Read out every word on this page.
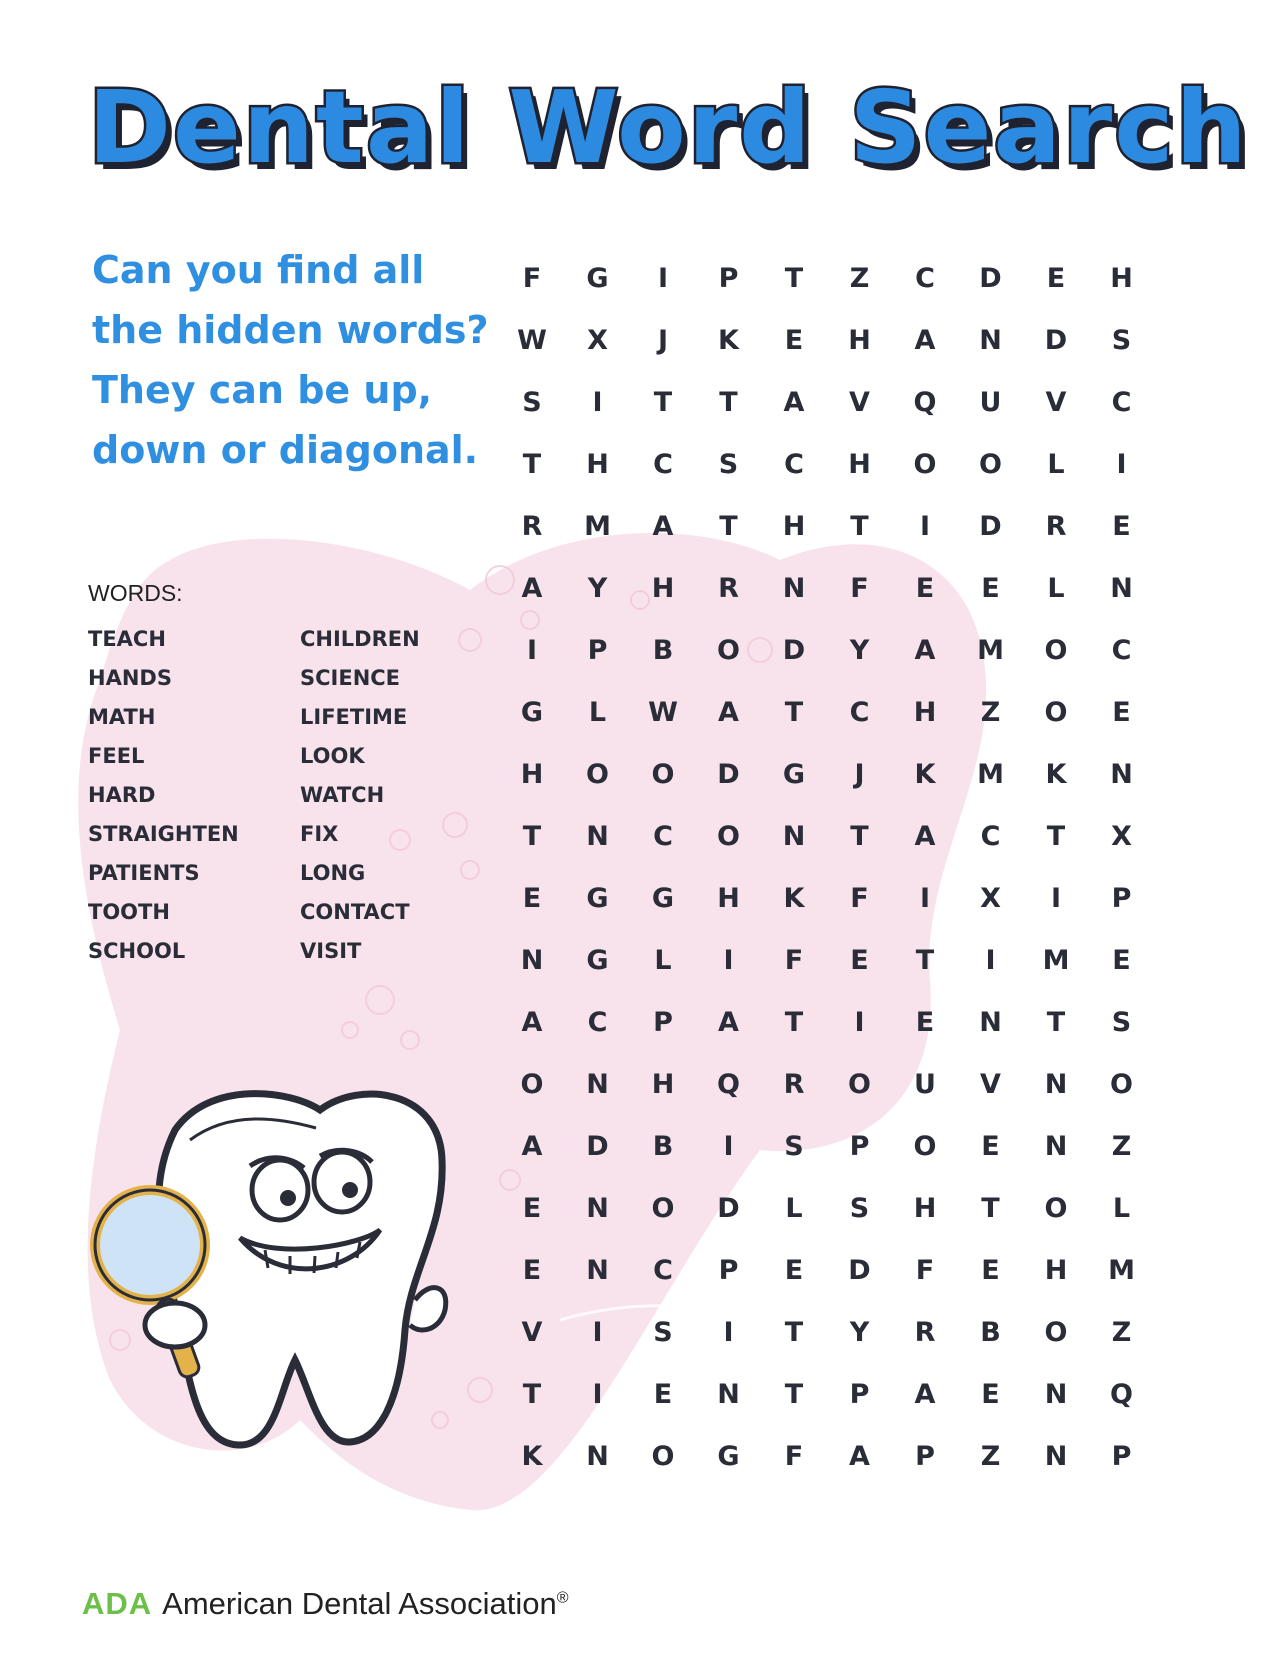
Dental Word Search
Can you find all
the hidden words?
They can be up,
down or diagonal.
WORDS:
TEACH
HANDS
MATH
FEEL
HARD
STRAIGHTEN
PATIENTS
TOOTH
SCHOOL
CHILDREN
SCIENCE
LIFETIME
LOOK
WATCH
FIX
LONG
CONTACT
VISIT
F	G	I	P	T	Z	C	D	E	H
W	X	J	K	E	H	A	N	D	S
S	I	T	T	A	V	Q	U	V	C
T	H	C	S	C	H	O	O	L	I
R	M	A	T	H	T	I	D	R	E
A	Y	H	R	N	F	E	E	L	N
I	P	B	O	D	Y	A	M	O	C
G	L	W	A	T	C	H	Z	O	E
H	O	O	D	G	J	K	M	K	N
T	N	C	O	N	T	A	C	T	X
E	G	G	H	K	F	I	X	I	P
N	G	L	I	F	E	T	I	M	E
A	C	P	A	T	I	E	N	T	S
O	N	H	Q	R	O	U	V	N	O
A	D	B	I	S	P	O	E	N	Z
E	N	O	D	L	S	H	T	O	L
E	N	C	P	E	D	F	E	H	M
V	I	S	I	T	Y	R	B	O	Z
T	I	E	N	T	P	A	E	N	Q
K	N	O	G	F	A	P	Z	N	P
ADA American Dental Association®
